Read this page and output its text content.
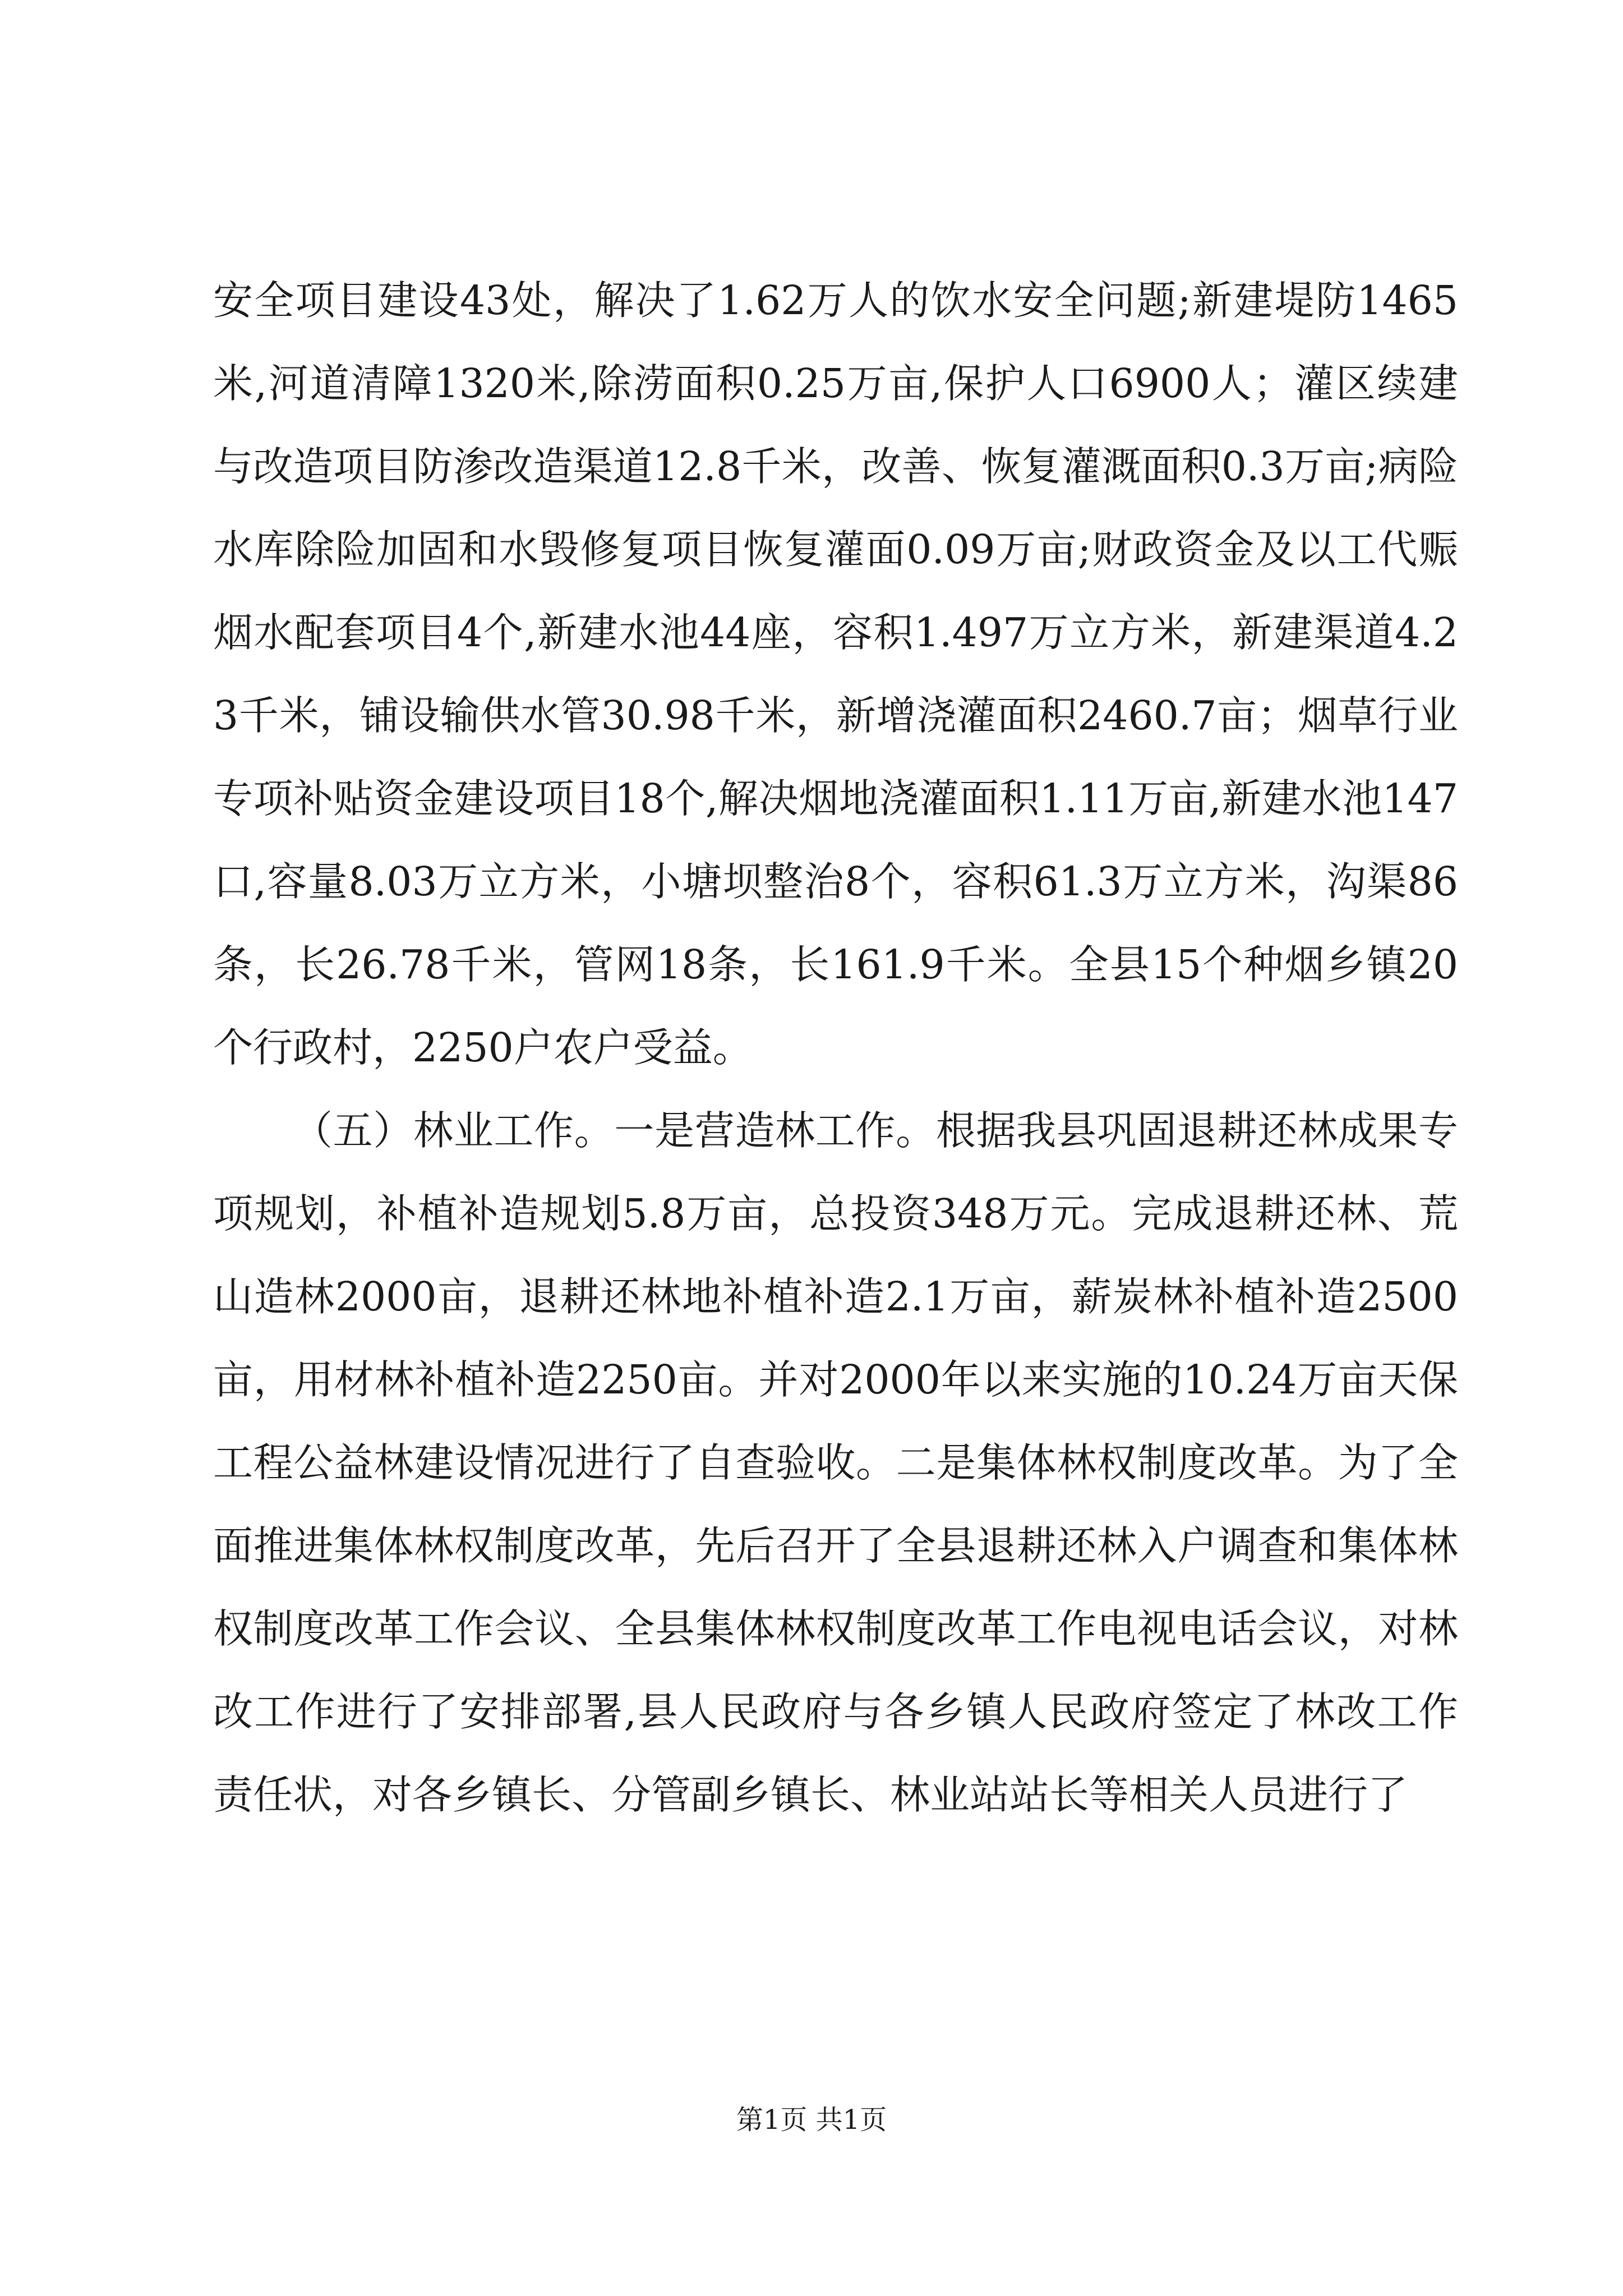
安全项目建设43处，解决了1.62万人的饮水安全问题;新建堤防1465米,河道清障1320米,除涝面积0.25万亩,保护人口6900人；灌区续建与改造项目防渗改造渠道12.8千米，改善、恢复灌溉面积0.3万亩;病险水库除险加固和水毁修复项目恢复灌面0.09万亩;财政资金及以工代赈烟水配套项目4个,新建水池44座，容积1.497万立方米，新建渠道4.23千米，铺设输供水管30.98千米，新增浇灌面积2460.7亩；烟草行业专项补贴资金建设项目18个,解决烟地浇灌面积1.11万亩,新建水池147口,容量8.03万立方米，小塘坝整治8个，容积61.3万立方米，沟渠86条，长26.78千米，管网18条，长161.9千米。全县15个种烟乡镇20个行政村，2250户农户受益。

（五）林业工作。一是营造林工作。根据我县巩固退耕还林成果专项规划，补植补造规划5.8万亩，总投资348万元。完成退耕还林、荒山造林2000亩，退耕还林地补植补造2.1万亩，薪炭林补植补造2500亩，用材林补植补造2250亩。并对2000年以来实施的10.24万亩天保工程公益林建设情况进行了自查验收。二是集体林权制度改革。为了全面推进集体林权制度改革，先后召开了全县退耕还林入户调查和集体林权制度改革工作会议、全县集体林权制度改革工作电视电话会议，对林改工作进行了安排部署,县人民政府与各乡镇人民政府签定了林改工作责任状，对各乡镇长、分管副乡镇长、林业站站长等相关人员进行了

第1页 共1页
